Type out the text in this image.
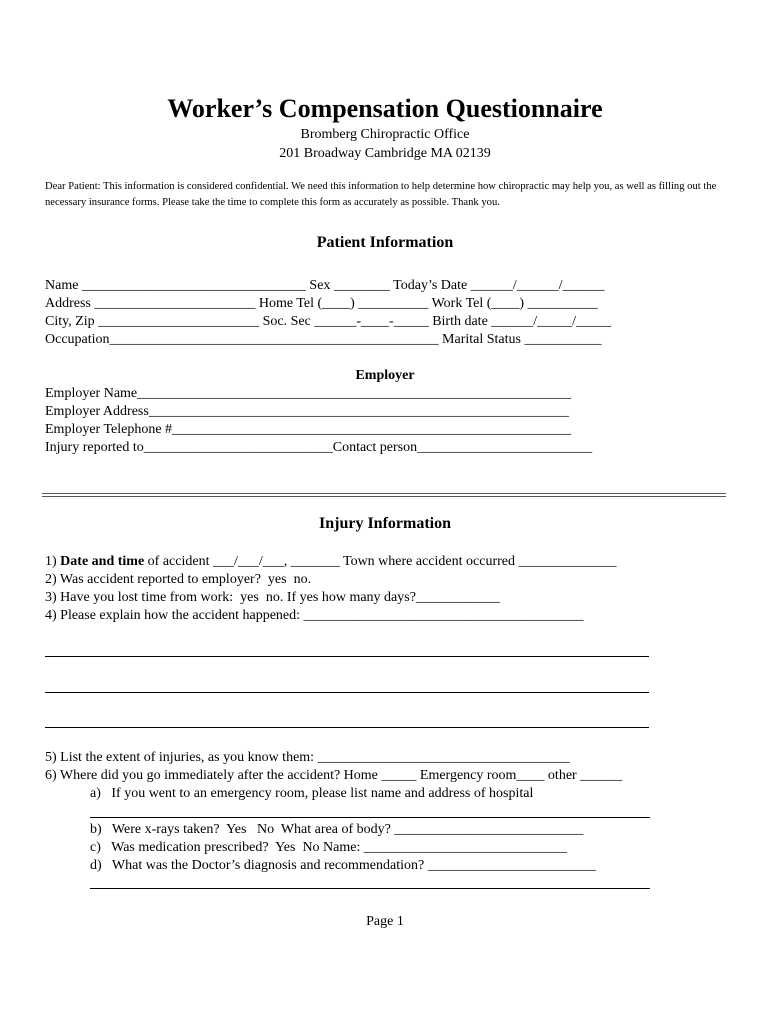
Worker’s Compensation Questionnaire
Bromberg Chiropractic Office
201 Broadway Cambridge MA 02139
Dear Patient: This information is considered confidential. We need this information to help determine how chiropractic may help you, as well as filling out the necessary insurance forms. Please take the time to complete this form as accurately as possible. Thank you.
Patient Information
Name ________________________________ Sex ________ Today’s Date ______/______/______
Address _______________________ Home Tel (____) __________ Work Tel (____) __________
City, Zip _______________________ Soc. Sec ______-____-_____ Birth date ______/_____/_____
Occupation_______________________________________________ Marital Status ___________
Employer
Employer Name______________________________________________________________
Employer Address____________________________________________________________
Employer Telephone #_________________________________________________________
Injury reported to___________________________Contact person_________________________
Injury Information
1) Date and time of accident ___/___/___, _______ Town where accident occurred ______________
2) Was accident reported to employer?  yes  no.
3) Have you lost time from work:  yes  no. If yes how many days?____________
4) Please explain how the accident happened: ________________________________________
5) List the extent of injuries, as you know them: ____________________________________
6) Where did you go immediately after the accident? Home _____ Emergency room____ other ______
a)   If you went to an emergency room, please list name and address of hospital
b)   Were x-rays taken?  Yes   No  What area of body? ___________________________
c)   Was medication prescribed?  Yes  No Name: _____________________________
d)   What was the Doctor’s diagnosis and recommendation? ________________________
Page 1
